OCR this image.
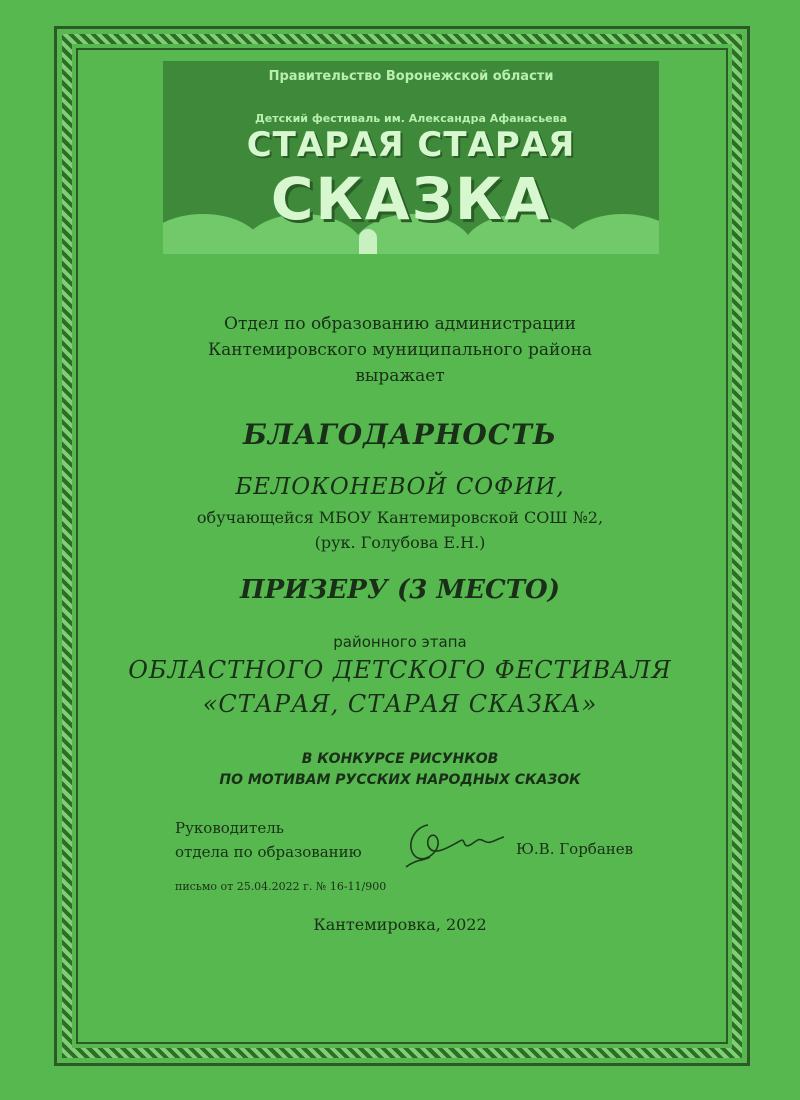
Правительство Воронежской области
Детский фестиваль им. Александра Афанасьева
СТАРАЯ СТАРАЯ
СКАЗКА
Отдел по образованию администрации
Кантемировского муниципального района
выражает
БЛАГОДАРНОСТЬ
БЕЛОКОНЕВОЙ СОФИИ,
обучающейся МБОУ Кантемировской СОШ №2,
(рук. Голубова Е.Н.)
ПРИЗЕРУ (3 МЕСТО)
районного этапа
ОБЛАСТНОГО ДЕТСКОГО ФЕСТИВАЛЯ
«СТАРАЯ, СТАРАЯ СКАЗКА»
В КОНКУРСЕ РИСУНКОВ
ПО МОТИВАМ РУССКИХ НАРОДНЫХ СКАЗОК
Руководитель
отдела по образованию	Ю.В. Горбанев
письмо от 25.04.2022 г. № 16-11/900
Кантемировка, 2022
